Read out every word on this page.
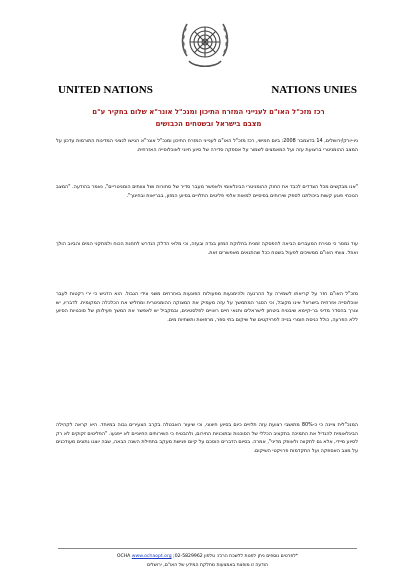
UNITED NATIONS	NATIONS UNIES
רכז מזכ"ל האו"ם לענייני המזרח התיכון ומנכ"ל אונר"א שלום בחקיר ע"ם
מצבם בישראל ובשטחים הכבושים

ניו-יורק/ירושלים, 14 בדצמבר 2008: ביום חמישי, רכז מזכ"ל האו"ם לענייני המזרח התיכון ומנכ"ל אונר"א הגישו לנציגי המדינות התורמות עדכון על המצב ההומניטרי ברצועת עזה ועל המאמצים לשמור על אספקה סדירה של סיוע חיוני לאוכלוסייה האזרחית.

"אנו מבקשים מכל הצדדים לכבד את החוק ההומניטרי הבינלאומי ולאפשר מעבר סדיר של סחורות ושל צוותים הומניטריים", נאמר בהודעה. "המצב הנוכחי פוגע קשות ביכולתנו לספק שירותים בסיסיים למאות אלפי פליטים התלויים בסיוע המזון, בבריאות ובחינוך".

עוד נמסר כי סגירת המעברים הביאה להפסקה זמנית בחלוקת המזון בגדה ובעזה, וכי מלאי הדלק הנדרש לתחנת הכוח ולמתקני המים והביוב הולך ואוזל. צוותי האו"ם ממשיכים לפעול בשטח ככל שהתנאים מאפשרים זאת.

מזכ"ל האו"ם חזר על קריאתו לשמירה על ההרגעה ולהימנעות מפעולות הפוגעות באזרחים משני צידי הגבול. הוא הדגיש כי ירי רקטות לעבר אוכלוסייה אזרחית בישראל אינו מקובל, וכי הסגר המתמשך על עזה מעמיק את המצוקה ההומניטרית ומחליש את הכלכלה המקומית. לדבריו, יש צורך בהסדר מדיני בר-קיימא שיבטיח ביטחון לישראלים ותנאי חיים ראויים לפלסטינים, ובמקביל יש לאפשר את המשך פעילותן של סוכנויות הסיוע ללא הפרעה, כולל כניסת חומרי בנייה לפרויקטים של שיקום בתי ספר, מרפאות ותשתיות מים.

המנכ"לית ציינה כי כ-80% מתושבי רצועת עזה תלויים כיום בסיוע חיצוני, וכי שיעור האבטלה בקרב הצעירים גבוה במיוחד. היא קראה לקהילה הבינלאומית להגדיל את התמיכה בתקציב הכללי של הסוכנות ובתוכניות החירום, ולהבטיח כי השירותים החיוניים לא ייפגעו. "הפליטים זקוקים לא רק לסיוע מיידי, אלא גם לתקווה ולאופק מדיני", אמרה. בסיום הדברים הוסכם על קיום פגישת מעקב בתחילת השנה הבאה, שבה יוצגו נתונים מעודכנים על מצב האספקה ועל התקדמות פרויקטי השיקום.

*לפרטים נוספים ניתן לפנות ללשכת הרכז: טלפון 02-5829962; OCHA www.ochaopt.org
הודעה זו מופצת באמצעות מחלקת המידע של האו"ם, ירושלים
